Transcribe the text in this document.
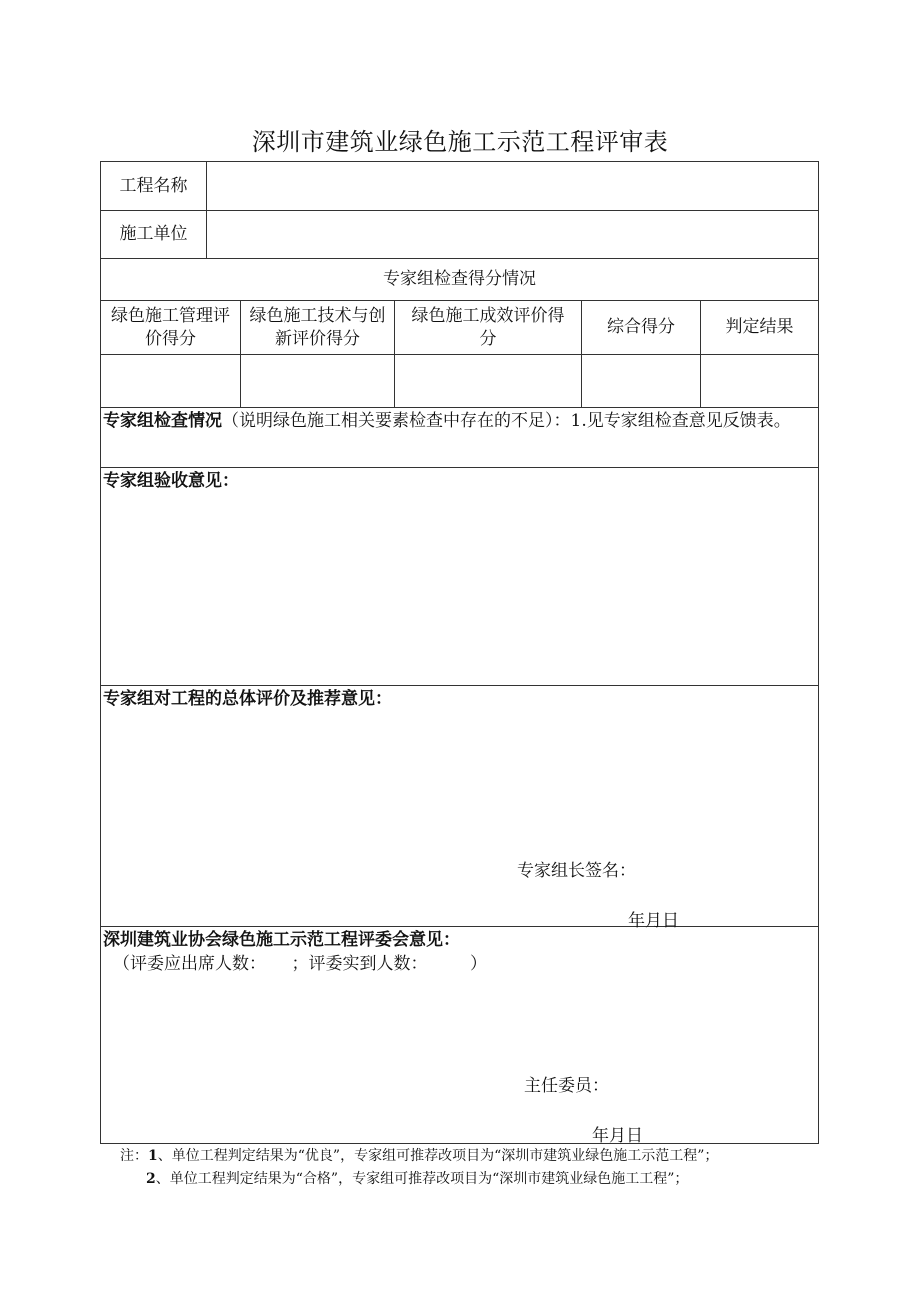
深圳市建筑业绿色施工示范工程评审表
工程名称
施工单位
专家组检查得分情况
绿色施工管理评价得分
绿色施工技术与创新评价得分
绿色施工成效评价得分
综合得分	判定结果
专家组检查情况（说明绿色施工相关要素检查中存在的不足）：1.见专家组检查意见反馈表。
专家组验收意见：
专家组对工程的总体评价及推荐意见：
专家组长签名：
年月日
深圳建筑业协会绿色施工示范工程评委会意见：
（评委应出席人数：　　；评委实到人数：　　　）
主任委员：
年月日
注：1、单位工程判定结果为“优良”，专家组可推荐改项目为“深圳市建筑业绿色施工示范工程”；
2、单位工程判定结果为“合格”，专家组可推荐改项目为“深圳市建筑业绿色施工工程”；
